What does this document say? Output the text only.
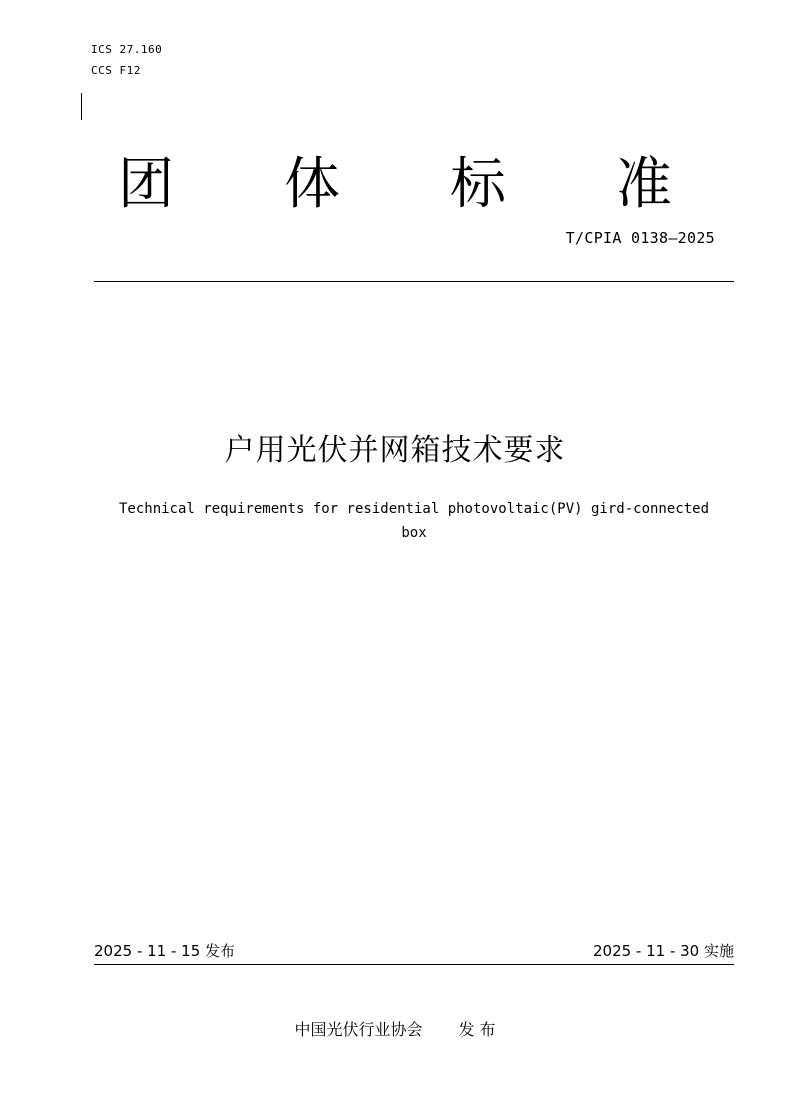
ICS 27.160
CCS F12
团 体 标 准
T/CPIA 0138—2025
户用光伏并网箱技术要求
Technical requirements for residential photovoltaic(PV) gird-connected
box
2025 - 11 - 15 发布	2025 - 11 - 30 实施
中国光伏行业协会 发 布
